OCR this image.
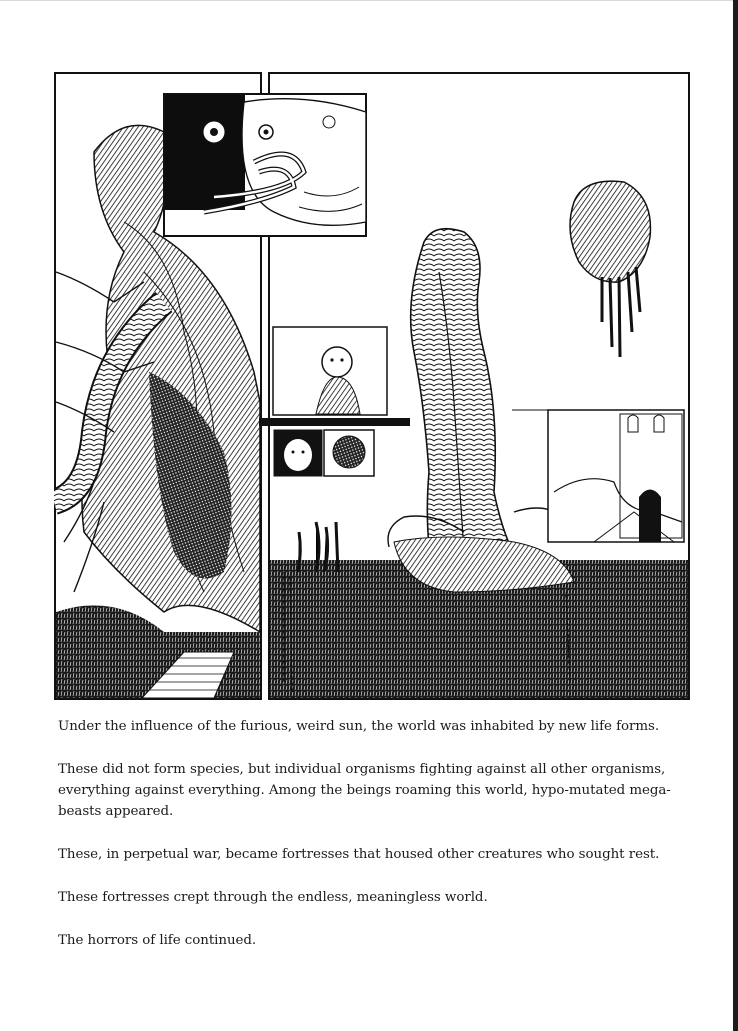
Under the influence of the furious, weird sun, the world was inhabited by new life forms.

These did not form species, but individual organisms fighting against all other organisms, everything against everything. Among the beings roaming this world, hypo-mutated mega-beasts appeared.

These, in perpetual war, became fortresses that housed other creatures who sought rest.

These fortresses crept through the endless, meaningless world.

The horrors of life continued.
